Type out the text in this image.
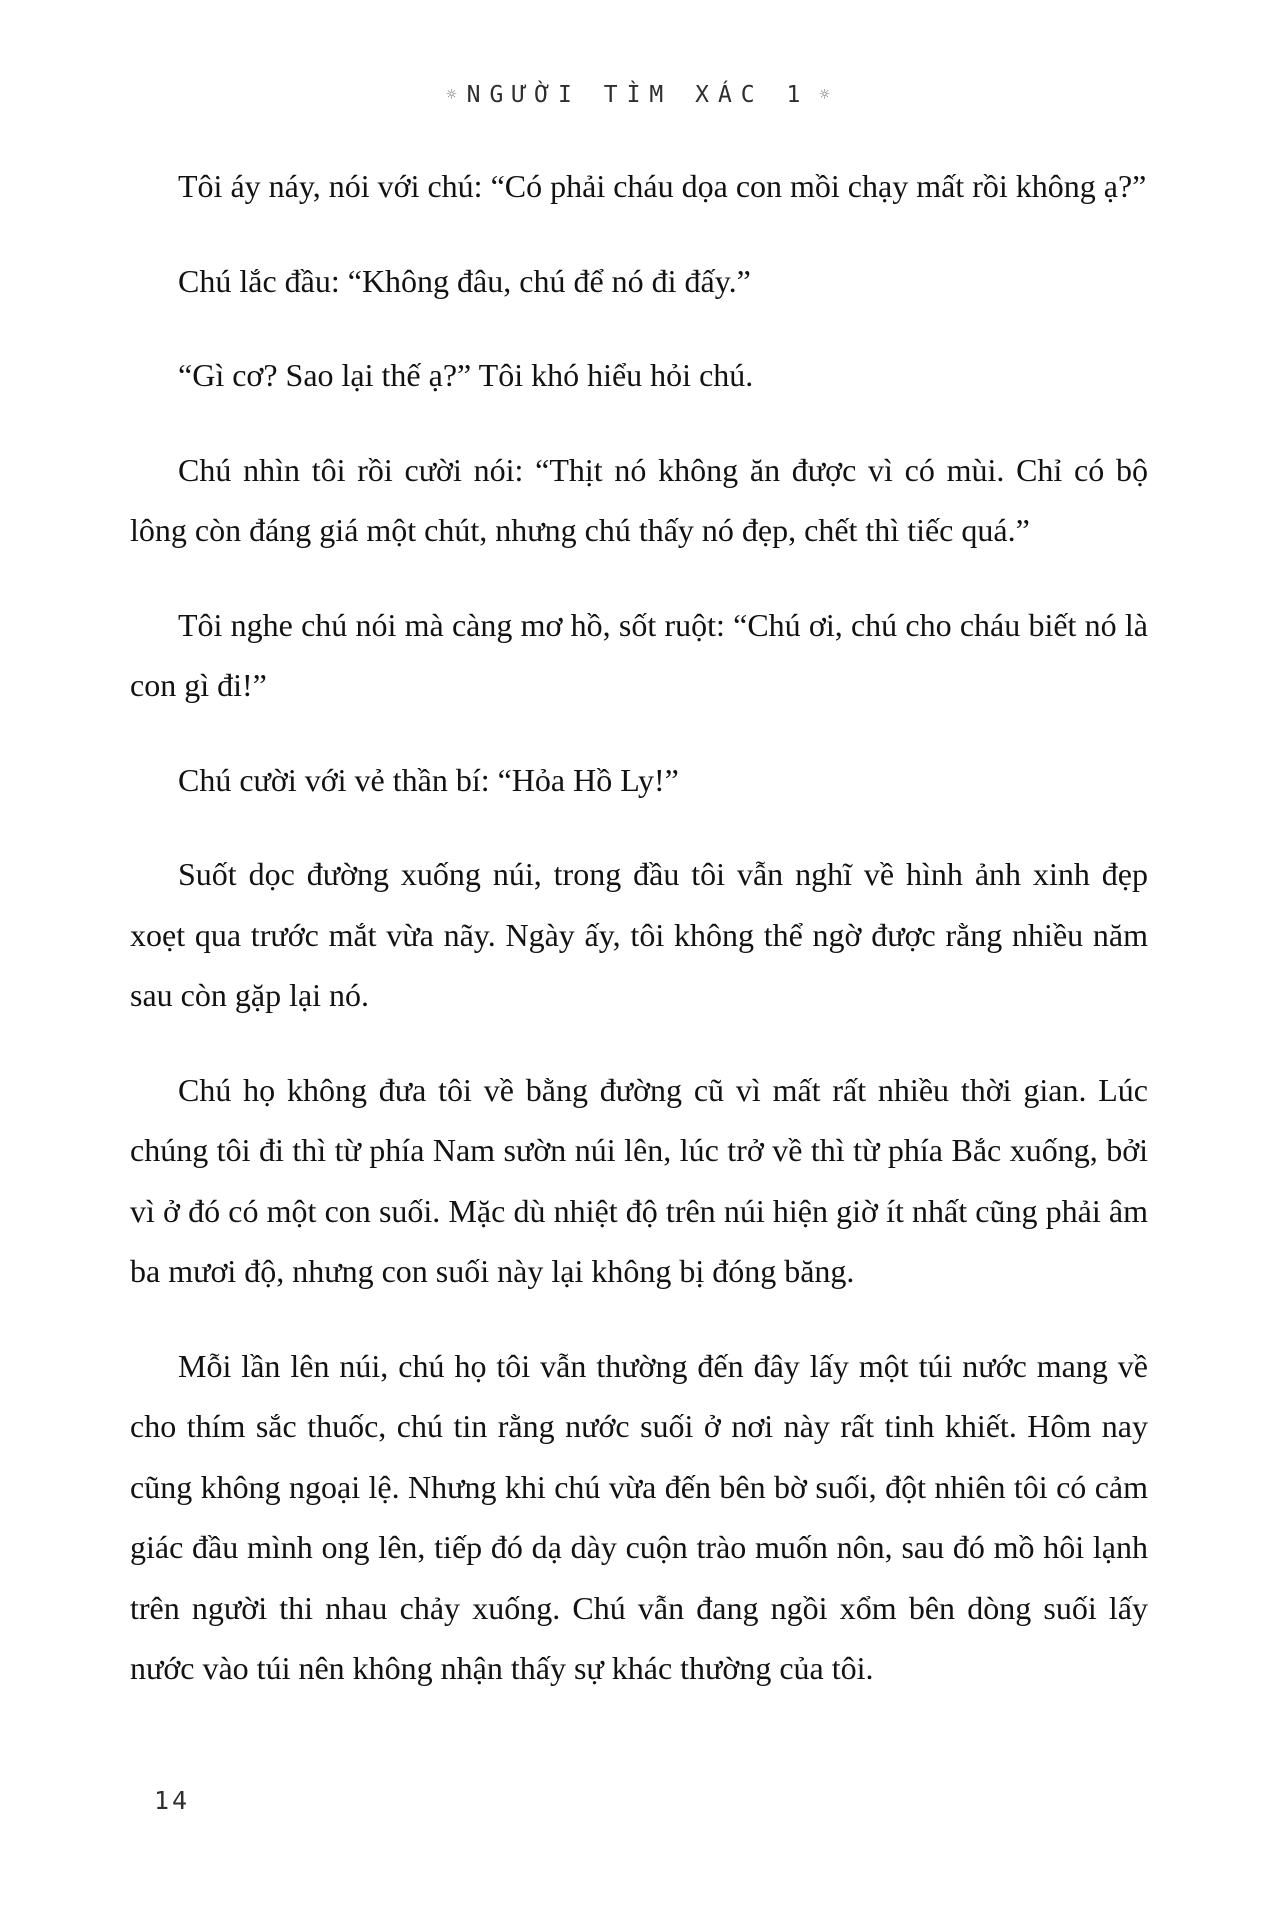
☼ NGƯỜI TÌM XÁC 1 ☼

Tôi áy náy, nói với chú: “Có phải cháu dọa con mồi chạy mất rồi không ạ?”

Chú lắc đầu: “Không đâu, chú để nó đi đấy.”

“Gì cơ? Sao lại thế ạ?” Tôi khó hiểu hỏi chú.

Chú nhìn tôi rồi cười nói: “Thịt nó không ăn được vì có mùi. Chỉ có bộ lông còn đáng giá một chút, nhưng chú thấy nó đẹp, chết thì tiếc quá.”

Tôi nghe chú nói mà càng mơ hồ, sốt ruột: “Chú ơi, chú cho cháu biết nó là con gì đi!”

Chú cười với vẻ thần bí: “Hỏa Hồ Ly!”

Suốt dọc đường xuống núi, trong đầu tôi vẫn nghĩ về hình ảnh xinh đẹp xoẹt qua trước mắt vừa nãy. Ngày ấy, tôi không thể ngờ được rằng nhiều năm sau còn gặp lại nó.

Chú họ không đưa tôi về bằng đường cũ vì mất rất nhiều thời gian. Lúc chúng tôi đi thì từ phía Nam sườn núi lên, lúc trở về thì từ phía Bắc xuống, bởi vì ở đó có một con suối. Mặc dù nhiệt độ trên núi hiện giờ ít nhất cũng phải âm ba mươi độ, nhưng con suối này lại không bị đóng băng.

Mỗi lần lên núi, chú họ tôi vẫn thường đến đây lấy một túi nước mang về cho thím sắc thuốc, chú tin rằng nước suối ở nơi này rất tinh khiết. Hôm nay cũng không ngoại lệ. Nhưng khi chú vừa đến bên bờ suối, đột nhiên tôi có cảm giác đầu mình ong lên, tiếp đó dạ dày cuộn trào muốn nôn, sau đó mồ hôi lạnh trên người thi nhau chảy xuống. Chú vẫn đang ngồi xổm bên dòng suối lấy nước vào túi nên không nhận thấy sự khác thường của tôi.

14
